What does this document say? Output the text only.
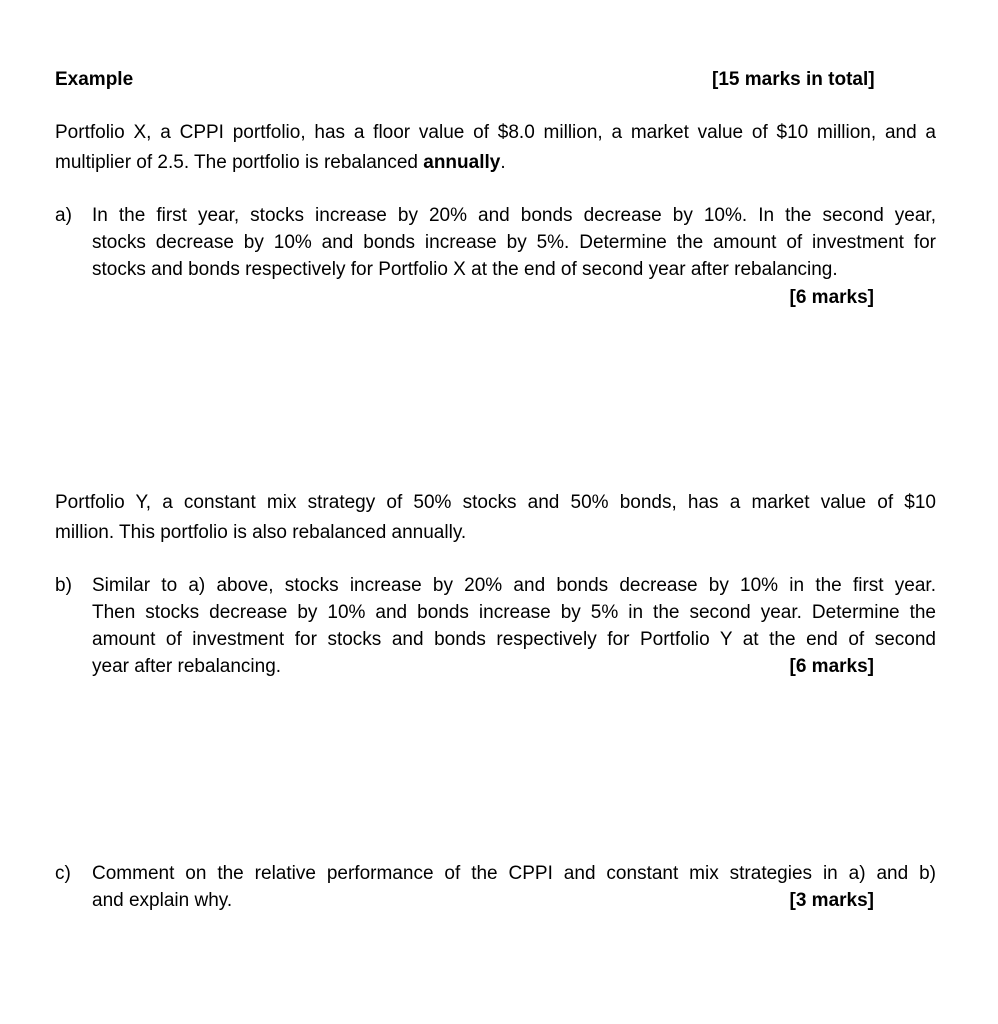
Example	[15 marks in total]
Portfolio X, a CPPI portfolio, has a floor value of $8.0 million, a market value of $10 million, and a
multiplier of 2.5. The portfolio is rebalanced annually.
a) In the first year, stocks increase by 20% and bonds decrease by 10%. In the second year,
stocks decrease by 10% and bonds increase by 5%. Determine the amount of investment for
stocks and bonds respectively for Portfolio X at the end of second year after rebalancing.
[6 marks]
Portfolio Y, a constant mix strategy of 50% stocks and 50% bonds, has a market value of $10
million. This portfolio is also rebalanced annually.
b) Similar to a) above, stocks increase by 20% and bonds decrease by 10% in the first year.
Then stocks decrease by 10% and bonds increase by 5% in the second year. Determine the
amount of investment for stocks and bonds respectively for Portfolio Y at the end of second
year after rebalancing.	[6 marks]
c) Comment on the relative performance of the CPPI and constant mix strategies in a) and b)
and explain why.	[3 marks]
